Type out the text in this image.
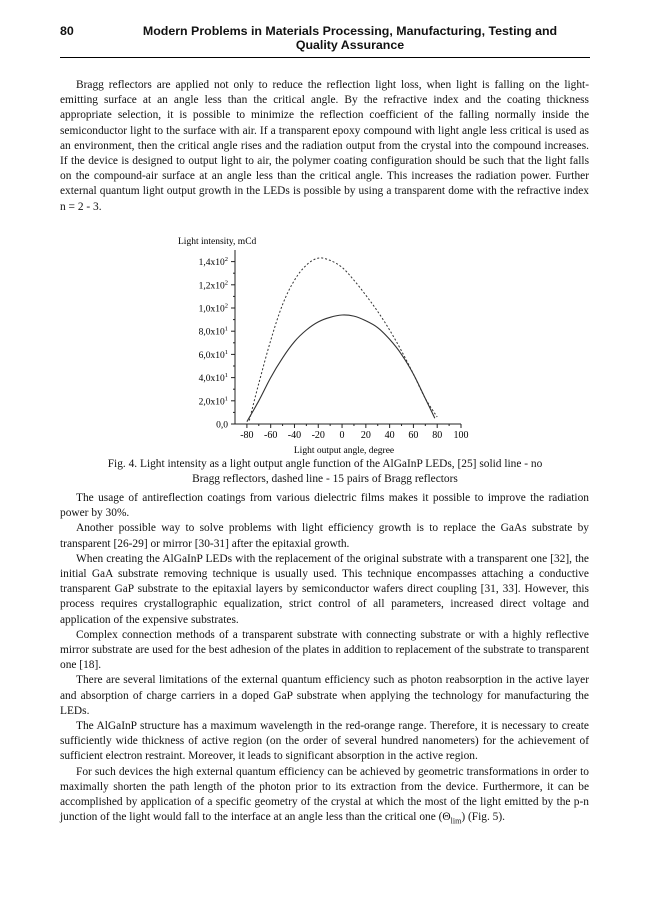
80	Modern Problems in Materials Processing, Manufacturing, Testing and
Quality Assurance

Bragg reflectors are applied not only to reduce the reflection light loss, when light is falling on the light-emitting surface at an angle less than the critical angle. By the refractive index and the coating thickness appropriate selection, it is possible to minimize the reflection coefficient of the falling normally inside the semiconductor light to the surface with air. If a transparent epoxy compound with light angle less critical is used as an environment, then the critical angle rises and the radiation output from the crystal into the compound increases. If the device is designed to output light to air, the polymer coating configuration should be such that the light falls on the compound-air surface at an angle less than the critical angle. This increases the radiation power. Further external quantum light output growth in the LEDs is possible by using a transparent dome with the refractive index n = 2 - 3.

Light intensity, mCd
Light output angle, degree
0,0
$2,0x10^1$
$4,0x10^1$
$6,0x10^1$
$8,0x10^1$
$1,0x10^2$
$1,2x10^2$
$1,4x10^2$
-80 -60 -40 -20 0 20 40 60 80 100
Fig. 4. Light intensity as a light output angle function of the AlGaInP LEDs, [25] solid line - no
Bragg reflectors, dashed line - 15 pairs of Bragg reflectors

The usage of antireflection coatings from various dielectric films makes it possible to improve the radiation power by 30%.

Another possible way to solve problems with light efficiency growth is to replace the GaAs substrate by transparent [26-29] or mirror [30-31] after the epitaxial growth.

When creating the AlGaInP LEDs with the replacement of the original substrate with a transparent one [32], the initial GaA substrate removing technique is usually used. This technique encompasses attaching a conductive transparent GaP substrate to the epitaxial layers by semiconductor wafers direct coupling [31, 33]. However, this process requires crystallographic equalization, strict control of all parameters, increased direct voltage and application of the expensive substrates.

Complex connection methods of a transparent substrate with connecting substrate or with a highly reflective mirror substrate are used for the best adhesion of the plates in addition to replacement of the substrate to transparent one [18].

There are several limitations of the external quantum efficiency such as photon reabsorption in the active layer and absorption of charge carriers in a doped GaP substrate when applying the technology for manufacturing the LEDs.

The AlGaInP structure has a maximum wavelength in the red-orange range. Therefore, it is necessary to create sufficiently wide thickness of active region (on the order of several hundred nanometers) for the achievement of sufficient electron restraint. Moreover, it leads to significant absorption in the active region.

For such devices the high external quantum efficiency can be achieved by geometric transformations in order to maximally shorten the path length of the photon prior to its extraction from the device. Furthermore, it can be accomplished by application of a specific geometry of the crystal at which the most of the light emitted by the p-n junction of the light would fall to the interface at an angle less than the critical one $(\Theta_{lim})$ (Fig. 5).
